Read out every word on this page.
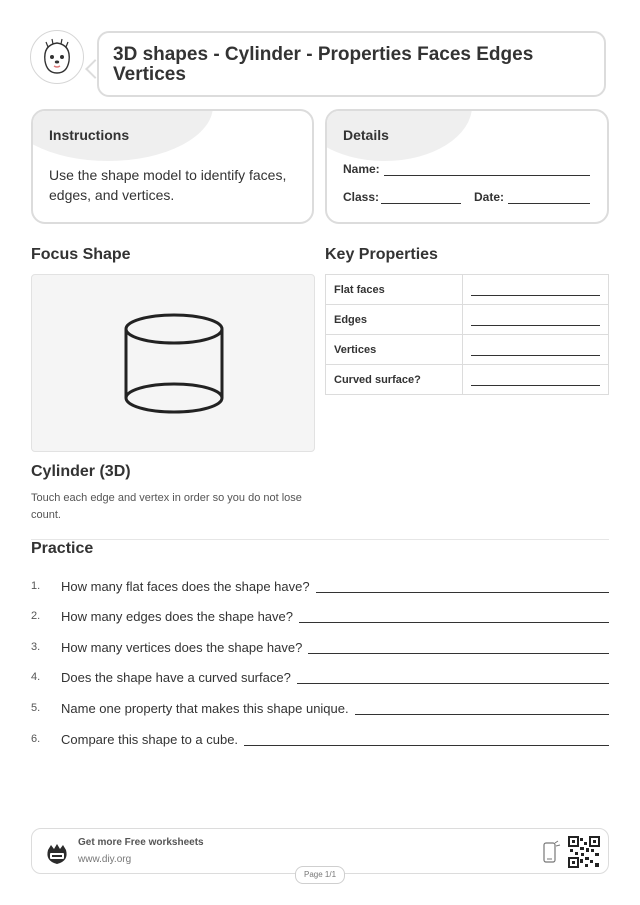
3D shapes - Cylinder - Properties Faces Edges Vertices
Instructions
Use the shape model to identify faces, edges, and vertices.
Details
Name:
Class:	Date:
Focus Shape
Cylinder (3D)
Touch each edge and vertex in order so you do not lose count.
Key Properties
Flat faces	

Edges	

Vertices	

Curved surface?	
Practice
1.	How many flat faces does the shape have?
2.	How many edges does the shape have?
3.	How many vertices does the shape have?
4.	Does the shape have a curved surface?
5.	Name one property that makes this shape unique.
6.	Compare this shape to a cube.
Get more Free worksheets
www.diy.org
Page 1/1
